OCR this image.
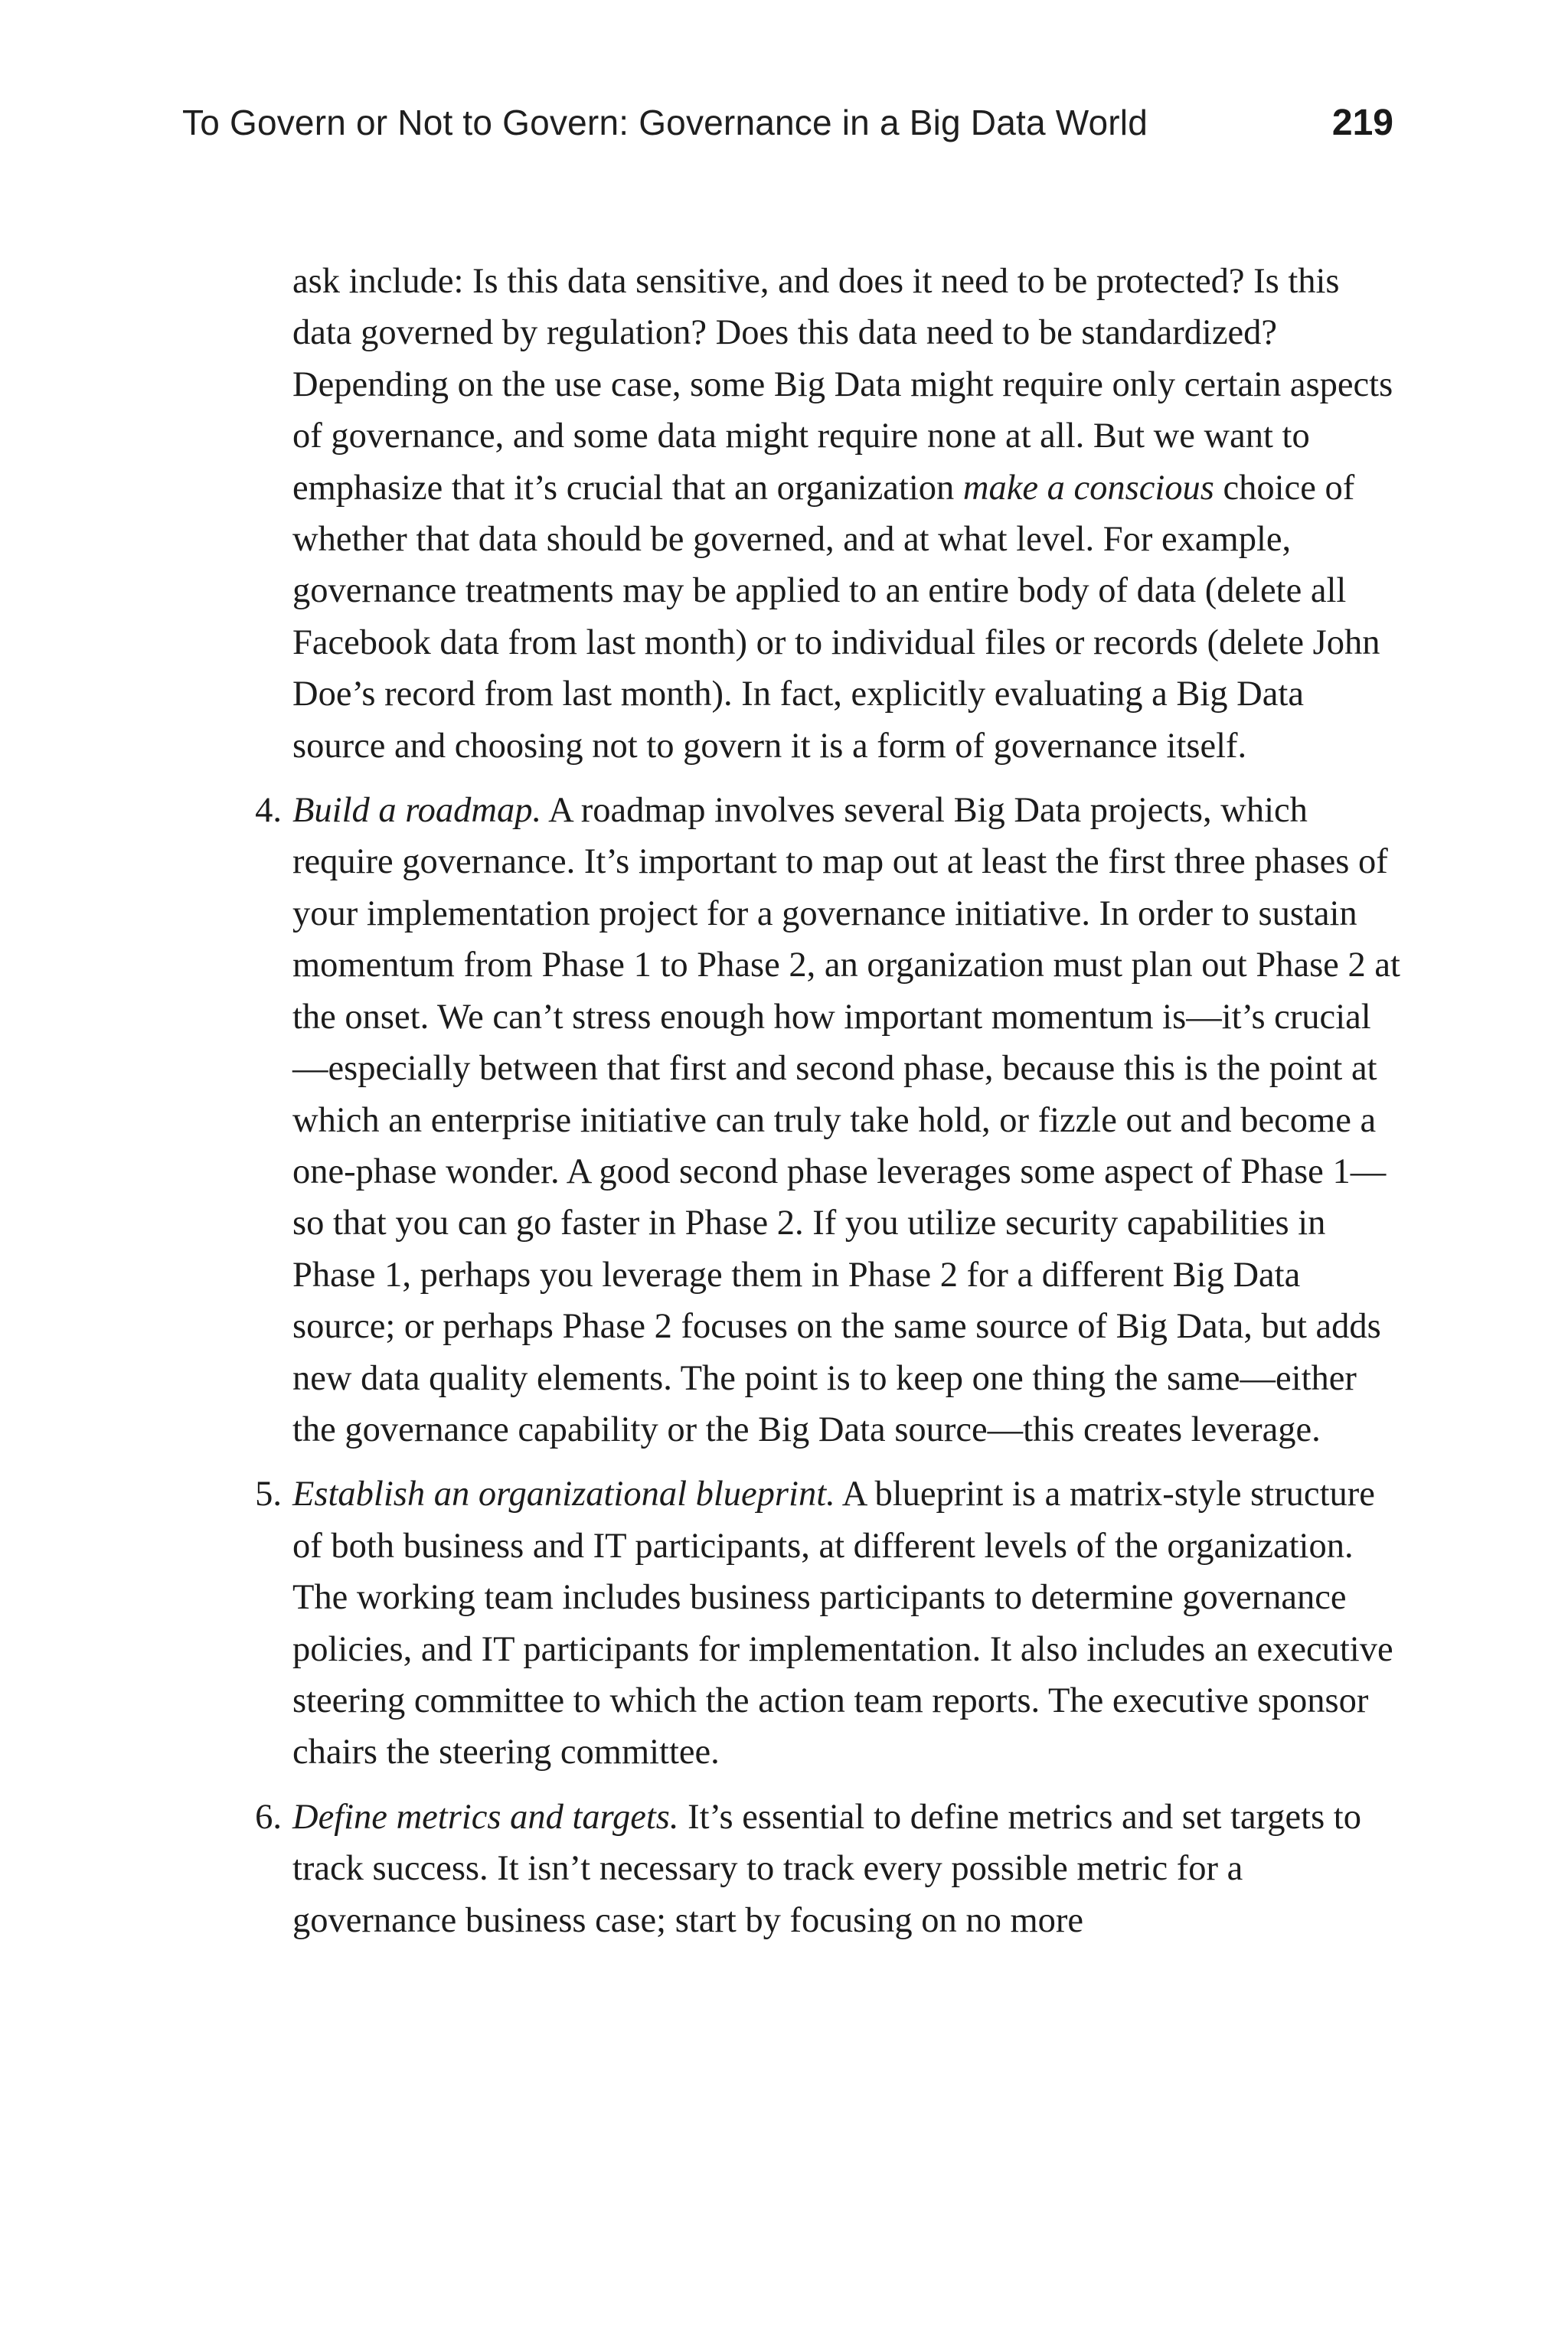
To Govern or Not to Govern: Governance in a Big Data World	219

ask include: Is this data sensitive, and does it need to be protected? Is this data governed by regulation? Does this data need to be standardized? Depending on the use case, some Big Data might require only certain aspects of governance, and some data might require none at all. But we want to emphasize that it’s crucial that an organization make a conscious choice of whether that data should be governed, and at what level. For example, governance treatments may be applied to an entire body of data (delete all Facebook data from last month) or to individual files or records (delete John Doe’s record from last month). In fact, explicitly evaluating a Big Data source and choosing not to govern it is a form of governance itself.

4. Build a roadmap. A roadmap involves several Big Data projects, which require governance. It’s important to map out at least the first three phases of your implementation project for a governance initiative. In order to sustain momentum from Phase 1 to Phase 2, an organization must plan out Phase 2 at the onset. We can’t stress enough how important momentum is—it’s crucial—especially between that first and second phase, because this is the point at which an enterprise initiative can truly take hold, or fizzle out and become a one-phase wonder. A good second phase leverages some aspect of Phase 1—so that you can go faster in Phase 2. If you utilize security capabilities in Phase 1, perhaps you leverage them in Phase 2 for a different Big Data source; or perhaps Phase 2 focuses on the same source of Big Data, but adds new data quality elements. The point is to keep one thing the same—either the governance capability or the Big Data source—this creates leverage.

5. Establish an organizational blueprint. A blueprint is a matrix-style structure of both business and IT participants, at different levels of the organization. The working team includes business participants to determine governance policies, and IT participants for implementation. It also includes an executive steering committee to which the action team reports. The executive sponsor chairs the steering committee.

6. Define metrics and targets. It’s essential to define metrics and set targets to track success. It isn’t necessary to track every possible metric for a governance business case; start by focusing on no more
